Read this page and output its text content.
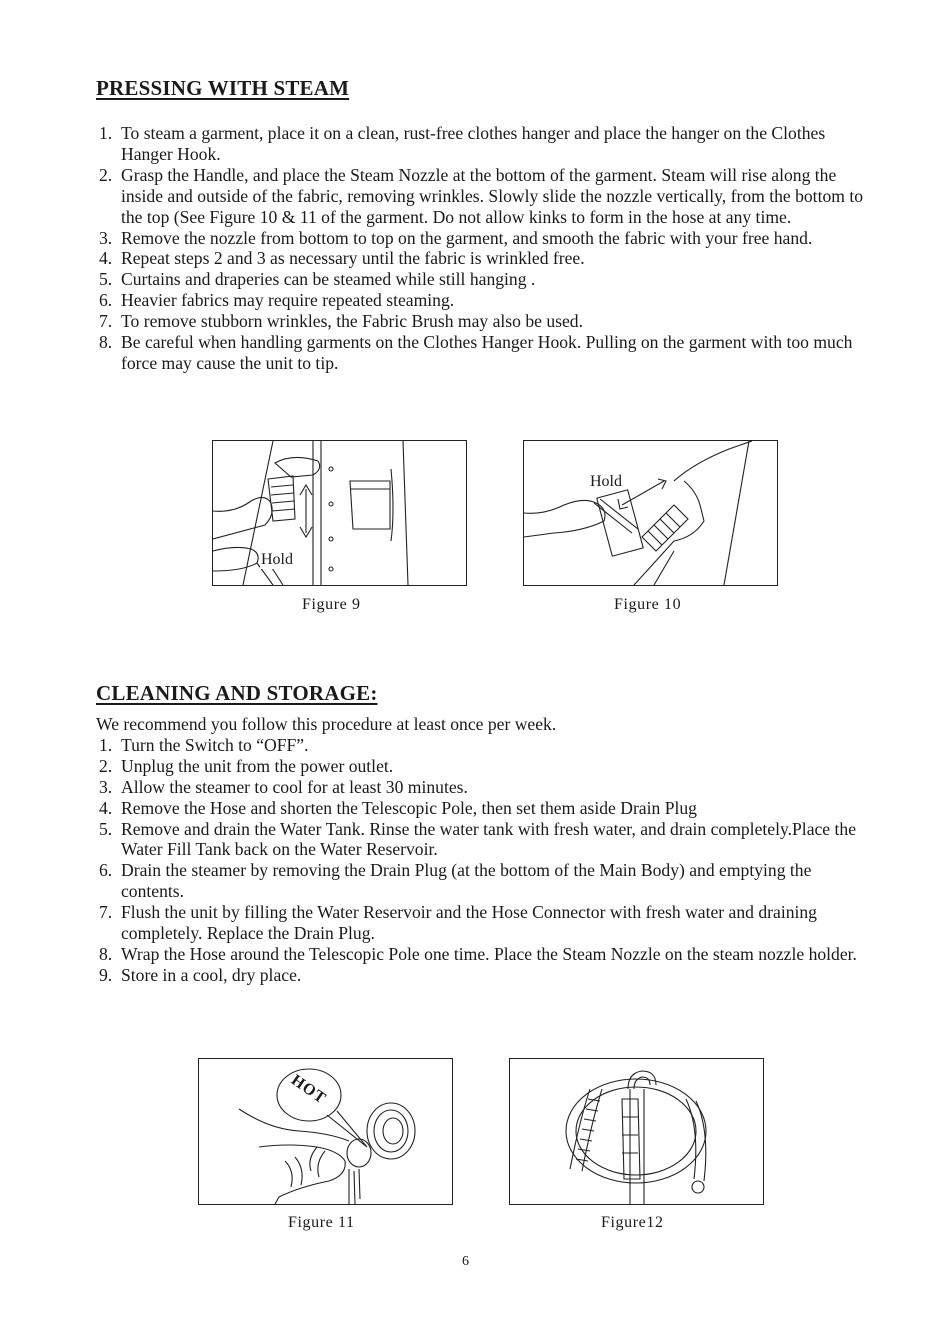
PRESSING WITH STEAM
1. To steam a garment, place it on a clean, rust-free clothes hanger and place the hanger on the Clothes Hanger Hook.
2. Grasp the Handle, and place the Steam Nozzle at the bottom of the garment. Steam will rise along the inside and outside of the fabric, removing wrinkles. Slowly slide the nozzle vertically, from the bottom to the top (See Figure 10 & 11 of the garment. Do not allow kinks to form in the hose at any time.
3. Remove the nozzle from bottom to top on the garment, and smooth the fabric with your free hand.
4. Repeat steps 2 and 3 as necessary until the fabric is wrinkled free.
5. Curtains and draperies can be steamed while still hanging .
6. Heavier fabrics may require repeated steaming.
7. To remove stubborn wrinkles, the Fabric Brush may also be used.
8. Be careful when handling garments on the Clothes Hanger Hook. Pulling on the garment with too much force may cause the unit to tip.
Hold
Figure 9
Hold
Figure 10
CLEANING AND STORAGE:
We recommend you follow this procedure at least once per week.
1. Turn the Switch to “OFF”.
2. Unplug the unit from the power outlet.
3. Allow the steamer to cool for at least 30 minutes.
4. Remove the Hose and shorten the Telescopic Pole, then set them aside Drain Plug
5. Remove and drain the Water Tank. Rinse the water tank with fresh water, and drain completely.Place the Water Fill Tank back on the Water Reservoir.
6. Drain the steamer by removing the Drain Plug (at the bottom of the Main Body) and emptying the contents.
7. Flush the unit by filling the Water Reservoir and the Hose Connector with fresh water and draining completely. Replace the Drain Plug.
8. Wrap the Hose around the Telescopic Pole one time. Place the Steam Nozzle on the steam nozzle holder.
9. Store in a cool, dry place.
HOT
Figure 11	Figure12
6
